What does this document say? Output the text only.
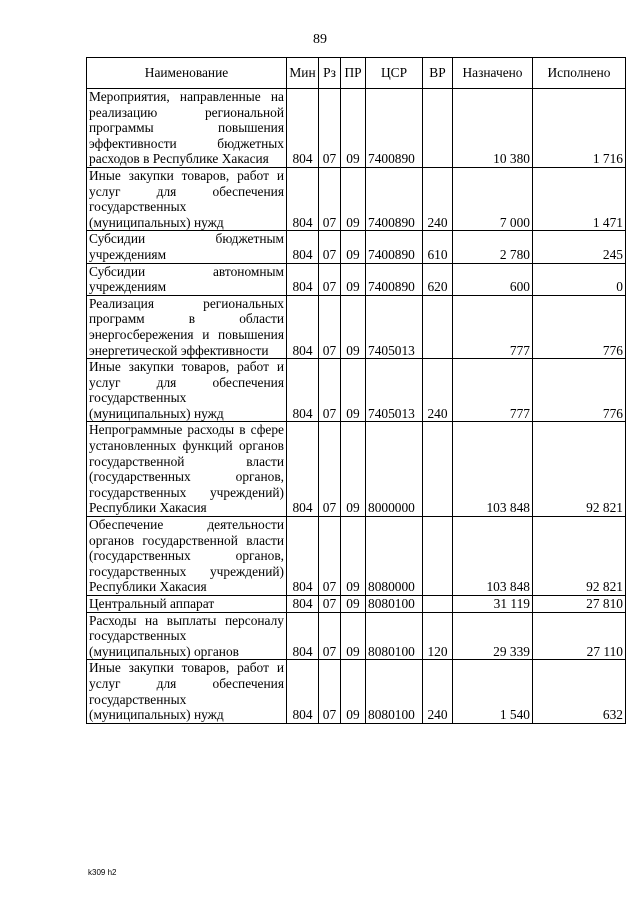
89
Наименование	Мин	Рз	ПР	ЦСР	ВР	Назначено	Исполнено
Мероприятия, направленные на реализацию региональной программы повышения эффективности бюджетных расходов в Республике Хакасия	804	07	09	7400890		10 380	1 716
Иные закупки товаров, работ и услуг для обеспечения государственных (муниципальных) нужд	804	07	09	7400890	240	7 000	1 471
Субсидии бюджетным учреждениям	804	07	09	7400890	610	2 780	245
Субсидии автономным учреждениям	804	07	09	7400890	620	600	0
Реализация региональных программ в области энергосбережения и повышения энергетической эффективности	804	07	09	7405013		777	776
Иные закупки товаров, работ и услуг для обеспечения государственных (муниципальных) нужд	804	07	09	7405013	240	777	776
Непрограммные расходы в сфере установленных функций органов государственной власти (государственных органов, государственных учреждений) Республики Хакасия	804	07	09	8000000		103 848	92 821
Обеспечение деятельности органов государственной власти (государственных органов, государственных учреждений) Республики Хакасия	804	07	09	8080000		103 848	92 821
Центральный аппарат	804	07	09	8080100		31 119	27 810
Расходы на выплаты персоналу государственных (муниципальных) органов	804	07	09	8080100	120	29 339	27 110
Иные закупки товаров, работ и услуг для обеспечения государственных (муниципальных) нужд	804	07	09	8080100	240	1 540	632
k309 h2
